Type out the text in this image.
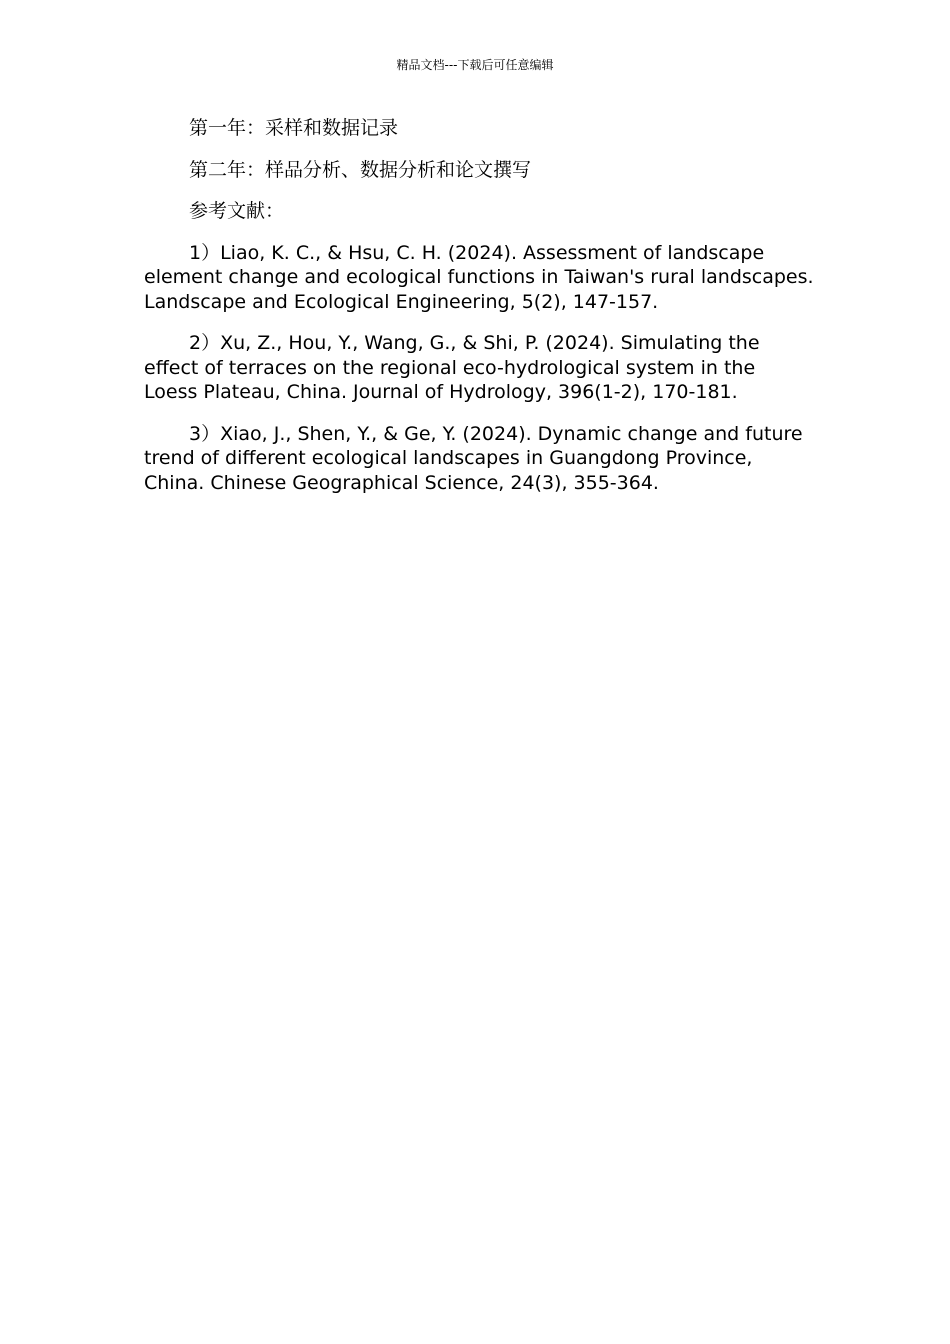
精品文档---下载后可任意编辑

第一年：采样和数据记录

第二年：样品分析、数据分析和论文撰写

参考文献：

1）Liao, K. C., & Hsu, C. H. (2024). Assessment of landscape element change and ecological functions in Taiwan's rural landscapes. Landscape and Ecological Engineering, 5(2), 147-157.

2）Xu, Z., Hou, Y., Wang, G., & Shi, P. (2024). Simulating the effect of terraces on the regional eco-hydrological system in the Loess Plateau, China. Journal of Hydrology, 396(1-2), 170-181.

3）Xiao, J., Shen, Y., & Ge, Y. (2024). Dynamic change and future trend of different ecological landscapes in Guangdong Province, China. Chinese Geographical Science, 24(3), 355-364.
